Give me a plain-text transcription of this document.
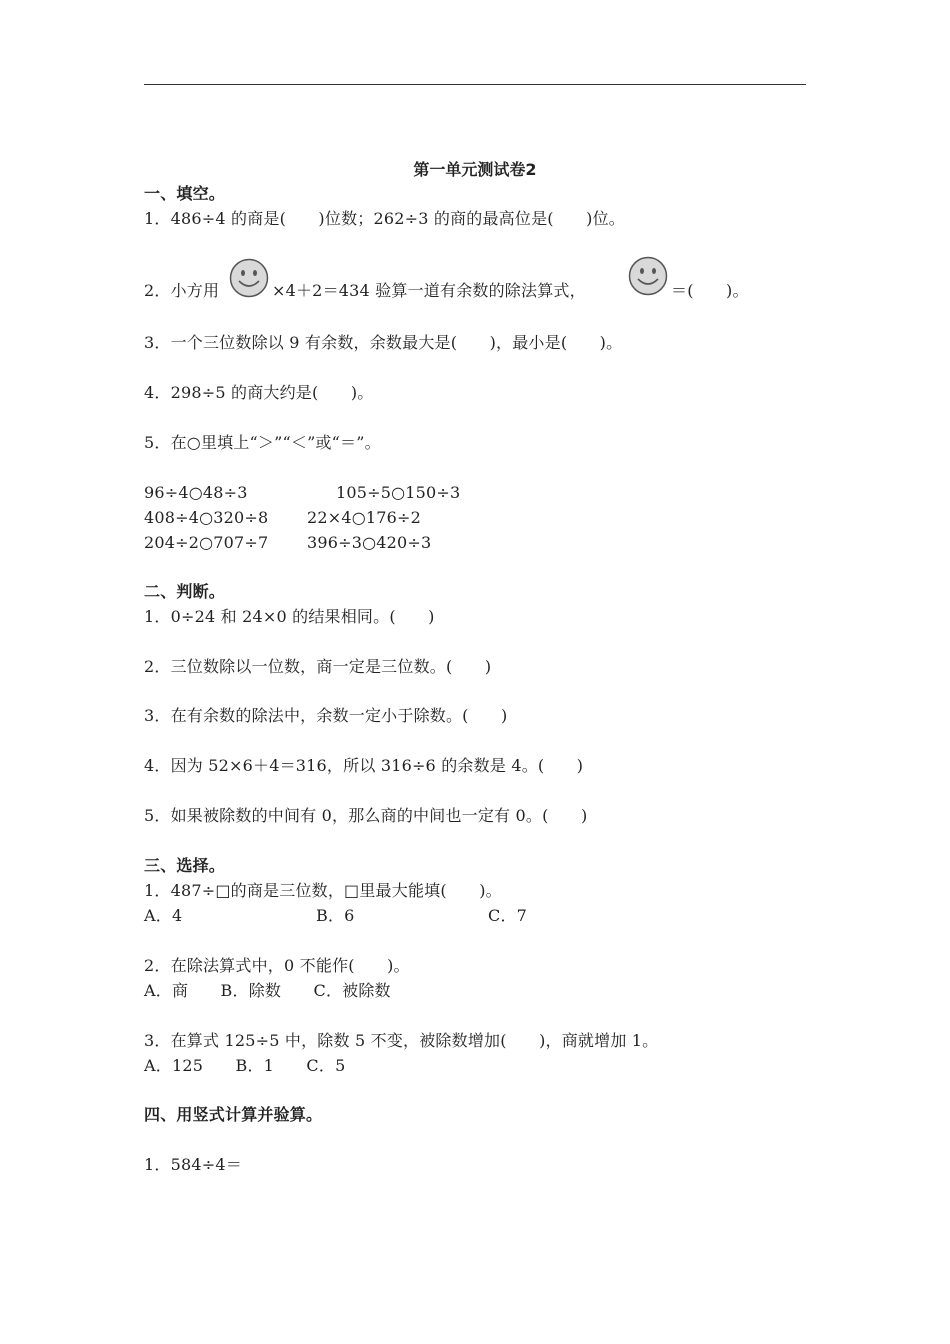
第一单元测试卷2
一、填空。
1．486÷4 的商是(　　)位数；262÷3 的商的最高位是(　　)位。
2．小方用	×4＋2＝434 验算一道有余数的除法算式，	＝(　　)。
3．一个三位数除以 9 有余数，余数最大是(　　)，最小是(　　)。
4．298÷5 的商大约是(　　)。
5．在○里填上“＞”“＜”或“＝”。
96÷4○48÷3	105÷5○150÷3
408÷4○320÷8 22×4○176÷2
204÷2○707÷7 396÷3○420÷3
二、判断。
1．0÷24 和 24×0 的结果相同。(　　)
2．三位数除以一位数，商一定是三位数。(　　)
3．在有余数的除法中，余数一定小于除数。(　　)
4．因为 52×6＋4＝316，所以 316÷6 的余数是 4。(　　)
5．如果被除数的中间有 0，那么商的中间也一定有 0。(　　)
三、选择。
1．487÷□的商是三位数，□里最大能填(　　)。
A．4	B．6	C．7
2．在除法算式中，0 不能作(　　)。
A．商　　B．除数　　C．被除数
3．在算式 125÷5 中，除数 5 不变，被除数增加(　　)，商就增加 1。
A．125　　B．1　　C．5
四、用竖式计算并验算。
1．584÷4＝
